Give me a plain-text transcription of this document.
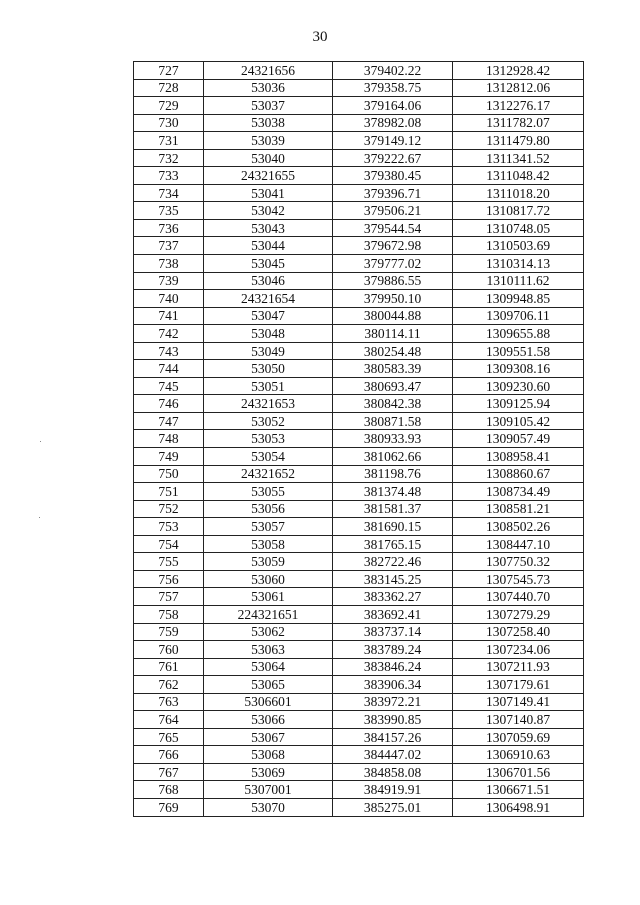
30
727	24321656	379402.22	1312928.42
728	53036	379358.75	1312812.06
729	53037	379164.06	1312276.17
730	53038	378982.08	1311782.07
731	53039	379149.12	1311479.80
732	53040	379222.67	1311341.52
733	24321655	379380.45	1311048.42
734	53041	379396.71	1311018.20
735	53042	379506.21	1310817.72
736	53043	379544.54	1310748.05
737	53044	379672.98	1310503.69
738	53045	379777.02	1310314.13
739	53046	379886.55	1310111.62
740	24321654	379950.10	1309948.85
741	53047	380044.88	1309706.11
742	53048	380114.11	1309655.88
743	53049	380254.48	1309551.58
744	53050	380583.39	1309308.16
745	53051	380693.47	1309230.60
746	24321653	380842.38	1309125.94
747	53052	380871.58	1309105.42
748	53053	380933.93	1309057.49
749	53054	381062.66	1308958.41
750	24321652	381198.76	1308860.67
751	53055	381374.48	1308734.49
752	53056	381581.37	1308581.21
753	53057	381690.15	1308502.26
754	53058	381765.15	1308447.10
755	53059	382722.46	1307750.32
756	53060	383145.25	1307545.73
757	53061	383362.27	1307440.70
758	224321651	383692.41	1307279.29
759	53062	383737.14	1307258.40
760	53063	383789.24	1307234.06
761	53064	383846.24	1307211.93
762	53065	383906.34	1307179.61
763	5306601	383972.21	1307149.41
764	53066	383990.85	1307140.87
765	53067	384157.26	1307059.69
766	53068	384447.02	1306910.63
767	53069	384858.08	1306701.56
768	5307001	384919.91	1306671.51
769	53070	385275.01	1306498.91
